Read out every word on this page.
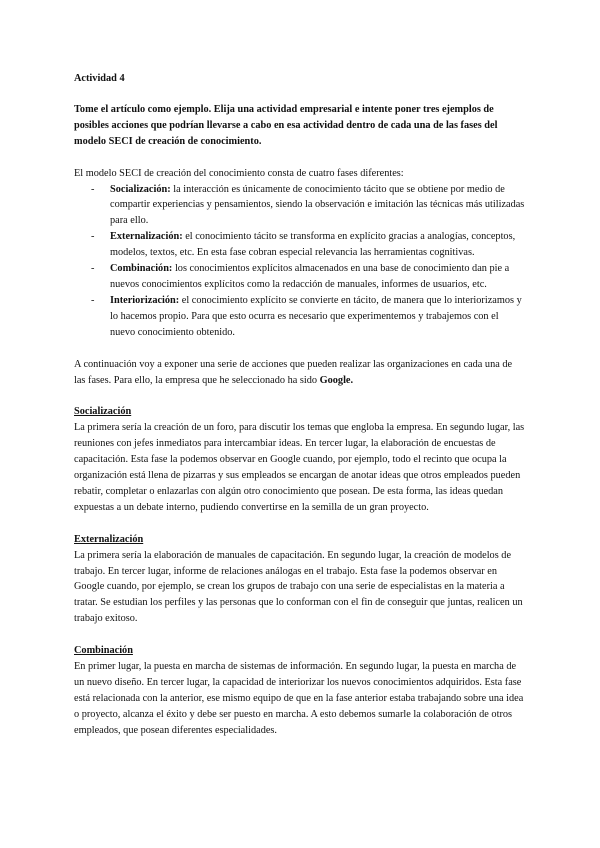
Actividad 4

Tome el artículo como ejemplo. Elija una actividad empresarial e intente poner tres ejemplos de posibles acciones que podrían llevarse a cabo en esa actividad dentro de cada una de las fases del modelo SECI de creación de conocimiento.

El modelo SECI de creación del conocimiento consta de cuatro fases diferentes:

- Socialización: la interacción es únicamente de conocimiento tácito que se obtiene por medio de compartir experiencias y pensamientos, siendo la observación e imitación las técnicas más utilizadas para ello.
- Externalización: el conocimiento tácito se transforma en explícito gracias a analogías, conceptos, modelos, textos, etc. En esta fase cobran especial relevancia las herramientas cognitivas.
- Combinación: los conocimientos explícitos almacenados en una base de conocimiento dan pie a nuevos conocimientos explícitos como la redacción de manuales, informes de usuarios, etc.
- Interiorización: el conocimiento explícito se convierte en tácito, de manera que lo interiorizamos y lo hacemos propio. Para que esto ocurra es necesario que experimentemos y trabajemos con el nuevo conocimiento obtenido.

A continuación voy a exponer una serie de acciones que pueden realizar las organizaciones en cada una de las fases. Para ello, la empresa que he seleccionado ha sido Google.

Socialización

La primera sería la creación de un foro, para discutir los temas que engloba la empresa. En segundo lugar, las reuniones con jefes inmediatos para intercambiar ideas. En tercer lugar, la elaboración de encuestas de capacitación. Esta fase la podemos observar en Google cuando, por ejemplo, todo el recinto que ocupa la organización está llena de pizarras y sus empleados se encargan de anotar ideas que otros empleados pueden rebatir, completar o enlazarlas con algún otro conocimiento que posean. De esta forma, las ideas quedan expuestas a un debate interno, pudiendo convertirse en la semilla de un gran proyecto.

Externalización

La primera sería la elaboración de manuales de capacitación. En segundo lugar, la creación de modelos de trabajo. En tercer lugar, informe de relaciones análogas en el trabajo. Esta fase la podemos observar en Google cuando, por ejemplo, se crean los grupos de trabajo con una serie de especialistas en la materia a tratar. Se estudian los perfiles y las personas que lo conforman con el fin de conseguir que juntas, realicen un trabajo exitoso.

Combinación

En primer lugar, la puesta en marcha de sistemas de información. En segundo lugar, la puesta en marcha de un nuevo diseño. En tercer lugar, la capacidad de interiorizar los nuevos conocimientos adquiridos. Esta fase está relacionada con la anterior, ese mismo equipo de que en la fase anterior estaba trabajando sobre una idea o proyecto, alcanza el éxito y debe ser puesto en marcha. A esto debemos sumarle la colaboración de otros empleados, que posean diferentes especialidades.
